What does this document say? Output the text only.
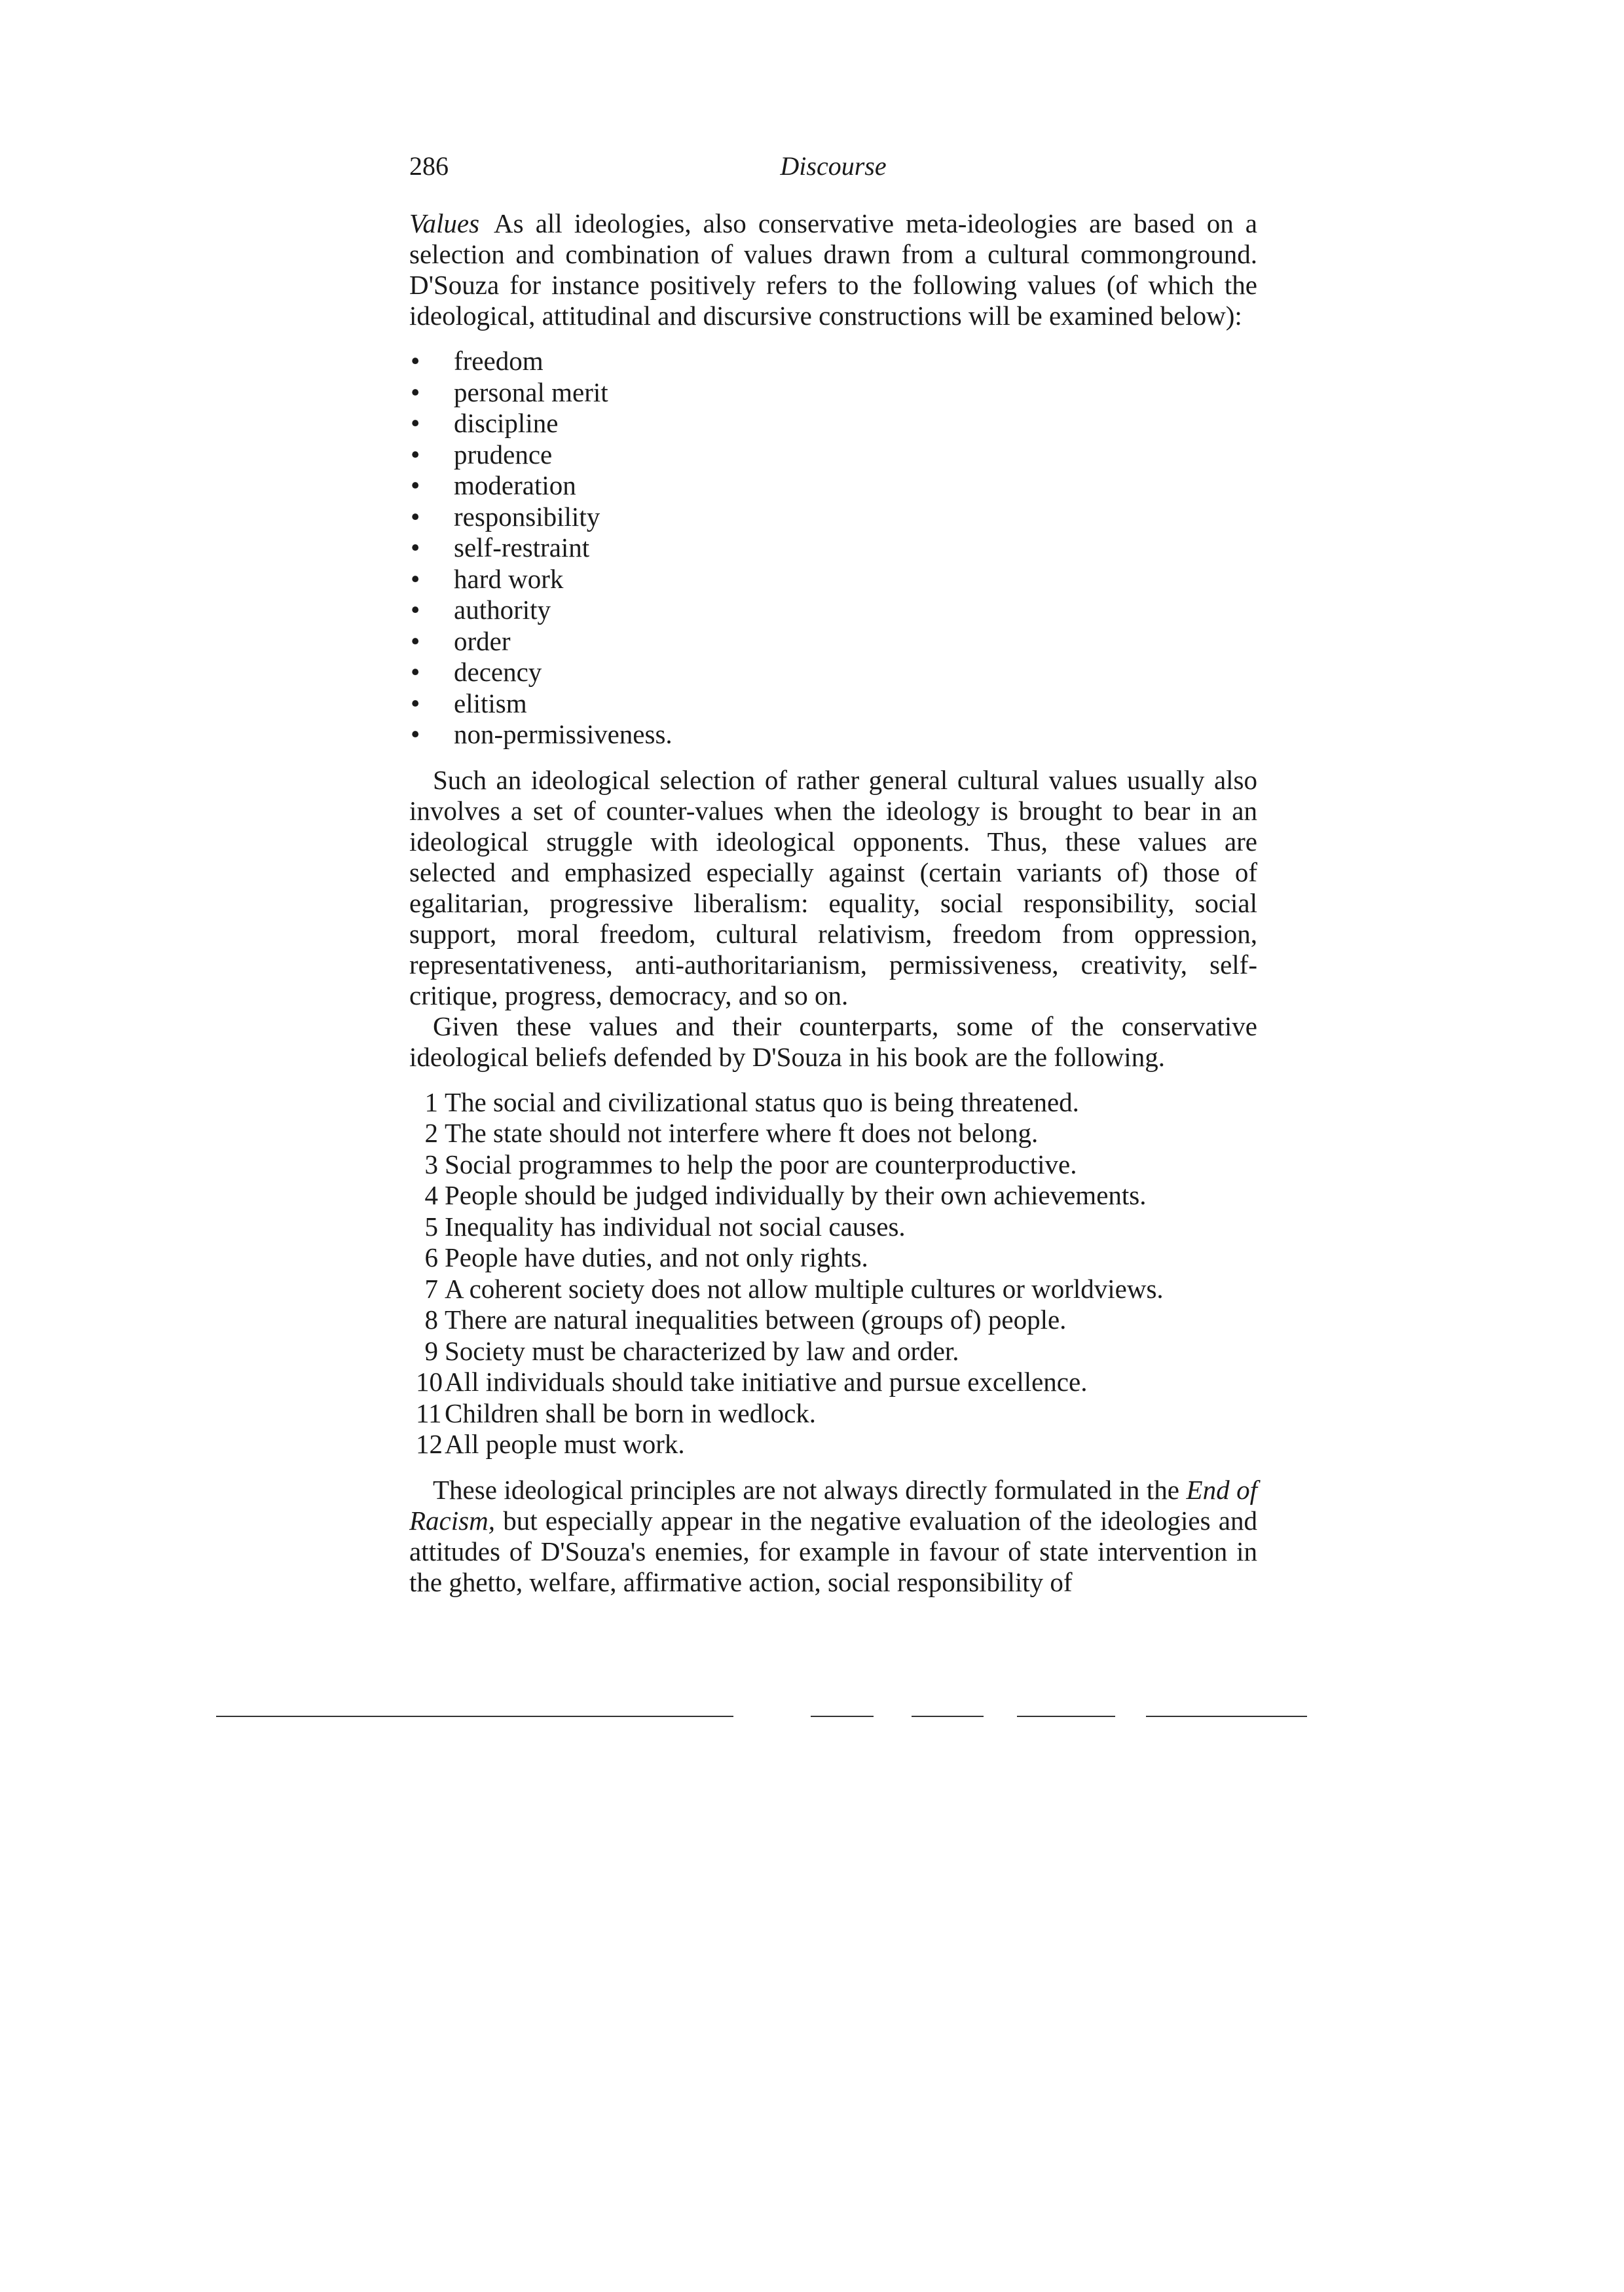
286	Discourse

Values As all ideologies, also conservative meta-ideologies are based on a selection and combination of values drawn from a cultural commonground. D'Souza for instance positively refers to the following values (of which the ideological, attitudinal and discursive constructions will be examined below):

• freedom
• personal merit
• discipline
• prudence
• moderation
• responsibility
• self-restraint
• hard work
• authority
• order
• decency
• elitism
• non-permissiveness.

Such an ideological selection of rather general cultural values usually also involves a set of counter-values when the ideology is brought to bear in an ideological struggle with ideological opponents. Thus, these values are selected and emphasized especially against (certain variants of) those of egalitarian, progressive liberalism: equality, social responsibility, social support, moral freedom, cultural relativism, freedom from oppression, representativeness, anti-authoritarianism, permissiveness, creativity, self-critique, progress, democracy, and so on.

Given these values and their counterparts, some of the conservative ideological beliefs defended by D'Souza in his book are the following.

1 The social and civilizational status quo is being threatened.
2 The state should not interfere where ft does not belong.
3 Social programmes to help the poor are counterproductive.
4 People should be judged individually by their own achievements.
5 Inequality has individual not social causes.
6 People have duties, and not only rights.
7 A coherent society does not allow multiple cultures or worldviews.
8 There are natural inequalities between (groups of) people.
9 Society must be characterized by law and order.
10 All individuals should take initiative and pursue excellence.
11 Children shall be born in wedlock.
12 All people must work.

These ideological principles are not always directly formulated in the End of Racism, but especially appear in the negative evaluation of the ideologies and attitudes of D'Souza's enemies, for example in favour of state intervention in the ghetto, welfare, affirmative action, social responsibility of
